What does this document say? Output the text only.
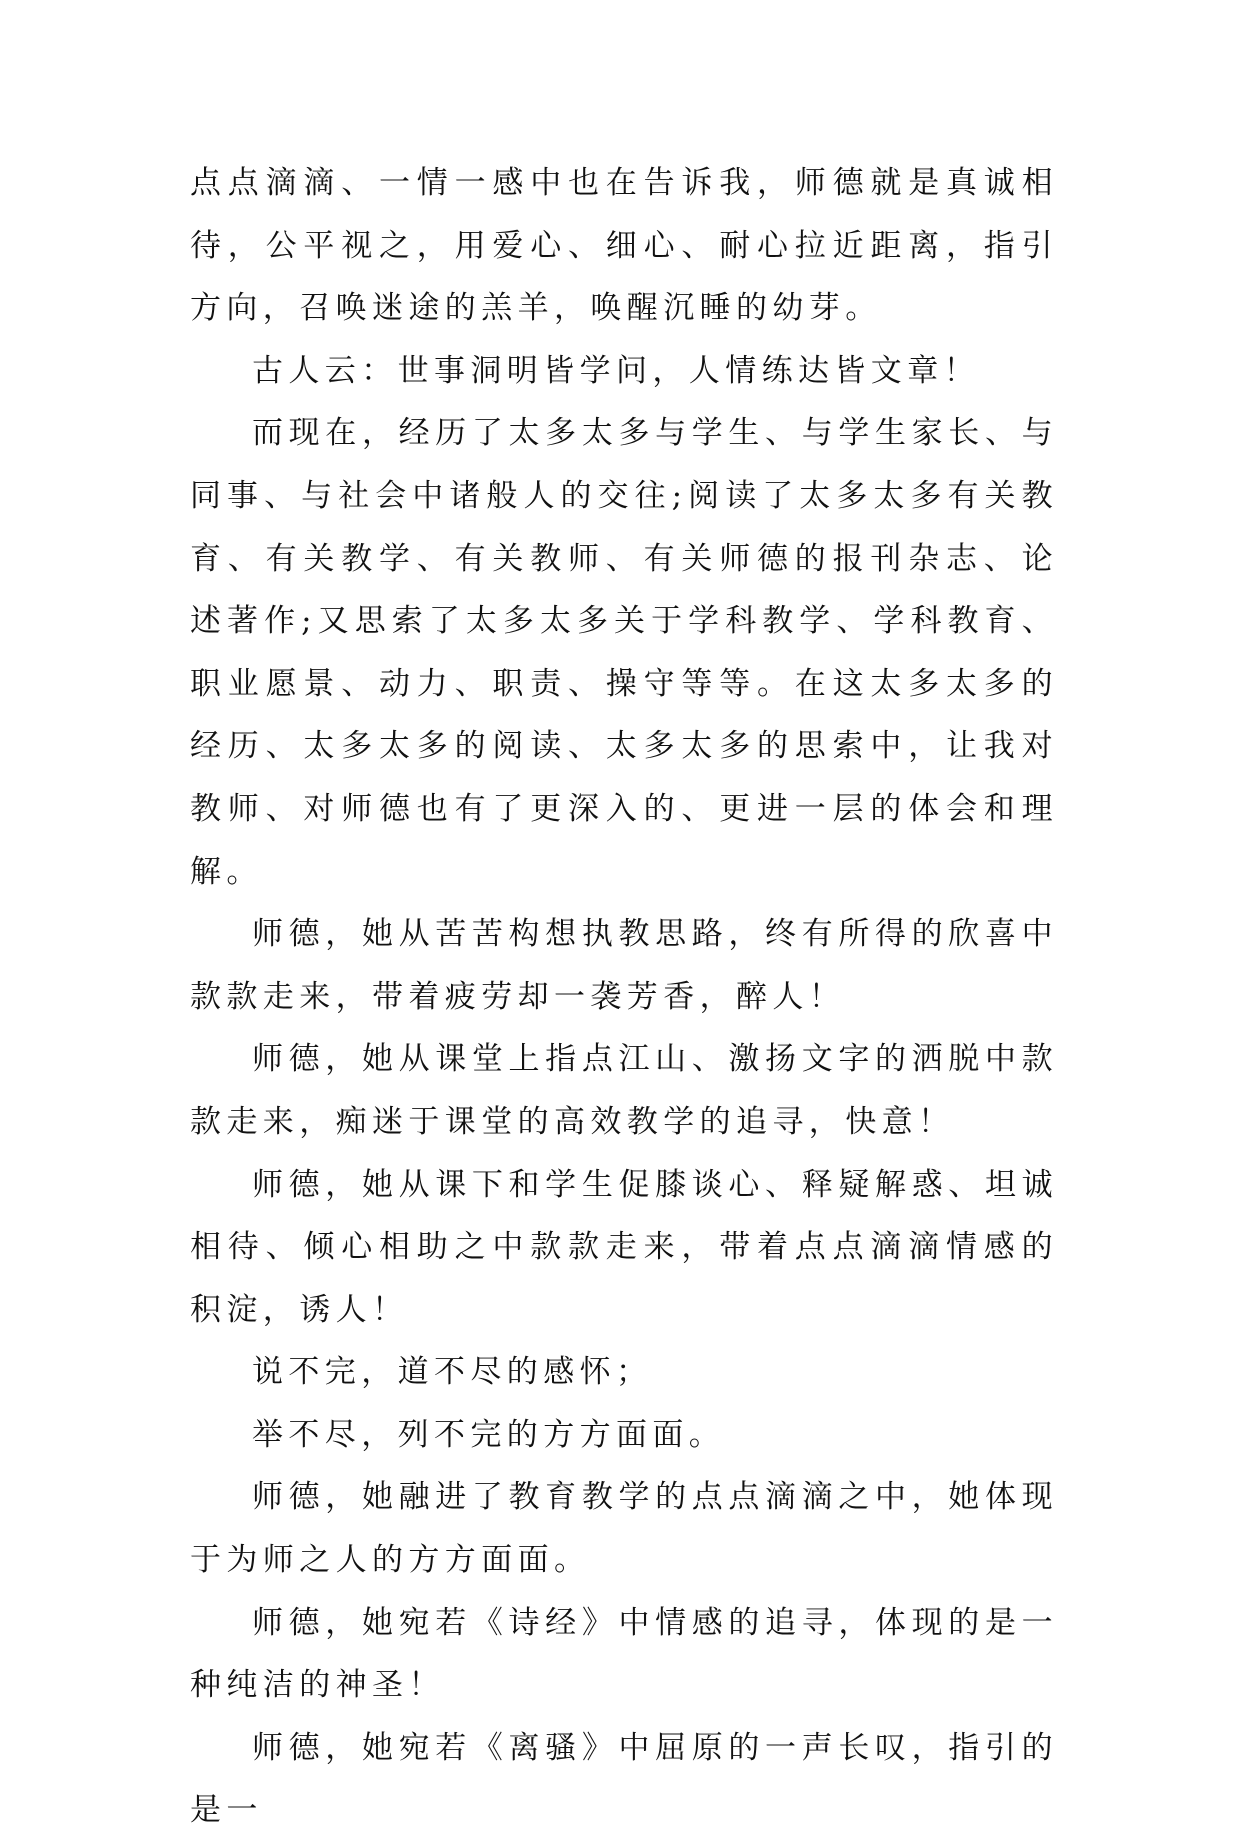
点点滴滴、一情一感中也在告诉我，师德就是真诚相待，公平视之，用爱心、细心、耐心拉近距离，指引方向，召唤迷途的羔羊，唤醒沉睡的幼芽。

古人云：世事洞明皆学问，人情练达皆文章！

而现在，经历了太多太多与学生、与学生家长、与同事、与社会中诸般人的交往;阅读了太多太多有关教育、有关教学、有关教师、有关师德的报刊杂志、论述著作;又思索了太多太多关于学科教学、学科教育、职业愿景、动力、职责、操守等等。在这太多太多的经历、太多太多的阅读、太多太多的思索中，让我对教师、对师德也有了更深入的、更进一层的体会和理解。

师德，她从苦苦构想执教思路，终有所得的欣喜中款款走来，带着疲劳却一袭芳香，醉人！

师德，她从课堂上指点江山、激扬文字的洒脱中款款走来，痴迷于课堂的高效教学的追寻，快意！

师德，她从课下和学生促膝谈心、释疑解惑、坦诚相待、倾心相助之中款款走来，带着点点滴滴情感的积淀，诱人！

说不完，道不尽的感怀；

举不尽，列不完的方方面面。

师德，她融进了教育教学的点点滴滴之中，她体现于为师之人的方方面面。

师德，她宛若《诗经》中情感的追寻，体现的是一种纯洁的神圣！

师德，她宛若《离骚》中屈原的一声长叹，指引的是一
